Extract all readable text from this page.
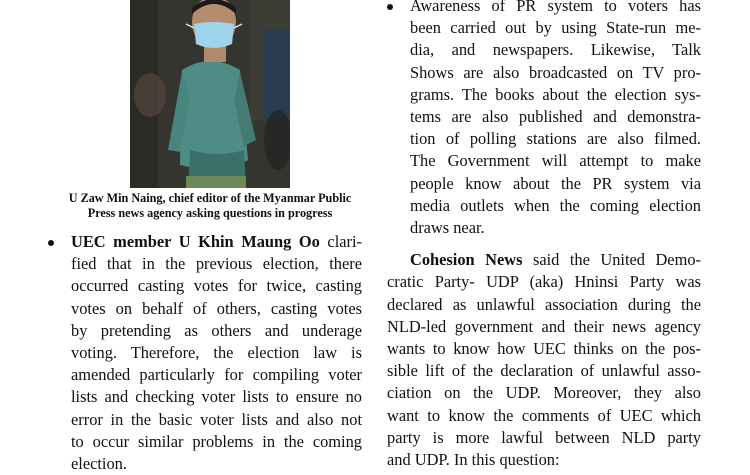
U Zaw Min Naing, chief editor of the Myanmar Public
Press news agency asking questions in progress
UEC member U Khin Maung Oo clari-
fied that in the previous election, there
occurred casting votes for twice, casting
votes on behalf of others, casting votes
by pretending as others and underage
voting. Therefore, the election law is
amended particularly for compiling voter
lists and checking voter lists to ensure no
error in the basic voter lists and also not
to occur similar problems in the coming
election.
Awareness of PR system to voters has
been carried out by using State-run me-
dia, and newspapers. Likewise, Talk
Shows are also broadcasted on TV pro-
grams. The books about the election sys-
tems are also published and demonstra-
tion of polling stations are also filmed.
The Government will attempt to make
people know about the PR system via
media outlets when the coming election
draws near.
Cohesion News said the United Demo-
cratic Party- UDP (aka) Hninsi Party was
declared as unlawful association during the
NLD-led government and their news agency
wants to know how UEC thinks on the pos-
sible lift of the declaration of unlawful asso-
ciation on the UDP. Moreover, they also
want to know the comments of UEC which
party is more lawful between NLD party
and UDP. In this question:
